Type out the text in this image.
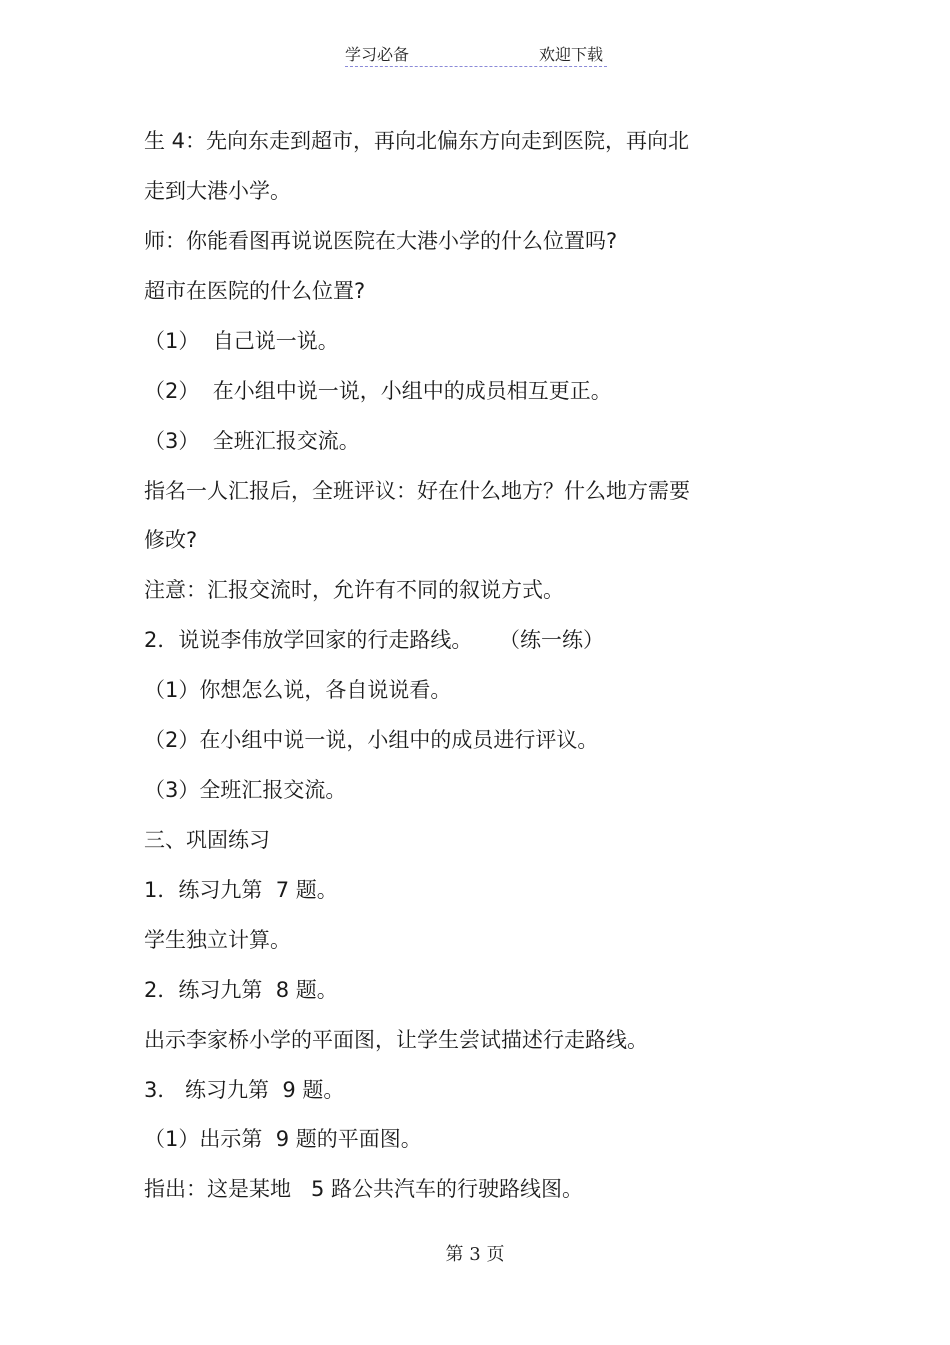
学习必备	欢迎下载
生 4：先向东走到超市，再向北偏东方向走到医院，再向北
走到大港小学。
师：你能看图再说说医院在大港小学的什么位置吗?
超市在医院的什么位置?
（1）  自己说一说。
（2）  在小组中说一说，小组中的成员相互更正。
（3）  全班汇报交流。
指名一人汇报后，全班评议：好在什么地方？什么地方需要
修改?
注意：汇报交流时，允许有不同的叙说方式。
2．说说李伟放学回家的行走路线。    （练一练）
（1）你想怎么说，各自说说看。
（2）在小组中说一说，小组中的成员进行评议。
（3）全班汇报交流。
三、巩固练习
1．练习九第  7 题。
学生独立计算。
2．练习九第  8 题。
出示李家桥小学的平面图，让学生尝试描述行走路线。
3． 练习九第  9 题。
（1）出示第  9 题的平面图。
指出：这是某地   5 路公共汽车的行驶路线图。
第 3 页
